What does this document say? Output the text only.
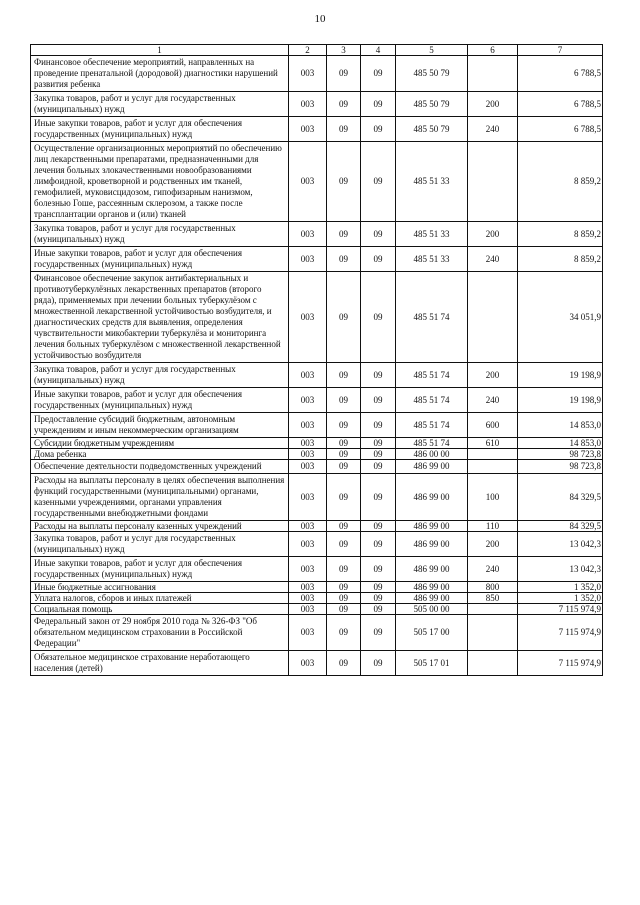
10
1	2	3	4	5	6	7
Финансовое обеспечение мероприятий, направленных на проведение пренатальной (дородовой) диагностики нарушений развития ребенка	003	09	09	485 50 79		6 788,5
Закупка товаров, работ и услуг для государственных (муниципальных) нужд	003	09	09	485 50 79	200	6 788,5
Иные закупки товаров, работ и услуг для обеспечения государственных (муниципальных) нужд	003	09	09	485 50 79	240	6 788,5
Осуществление организационных мероприятий по обеспечению лиц лекарственными препаратами, предназначенными для лечения больных злокачественными новообразованиями лимфоидной, кроветворной и родственных им тканей, гемофилией, муковисцидозом, гипофизарным нанизмом, болезнью Гоше, рассеянным склерозом, а также после трансплантации органов и (или) тканей	003	09	09	485 51 33		8 859,2
Закупка товаров, работ и услуг для государственных (муниципальных) нужд	003	09	09	485 51 33	200	8 859,2
Иные закупки товаров, работ и услуг для обеспечения государственных (муниципальных) нужд	003	09	09	485 51 33	240	8 859,2
Финансовое обеспечение закупок антибактериальных и противотуберкулёзных лекарственных препаратов (второго ряда), применяемых при лечении больных туберкулёзом с множественной лекарственной устойчивостью возбудителя, и диагностических средств для выявления, определения чувствительности микобактерии туберкулёза и мониторинга лечения больных туберкулёзом с множественной лекарственной устойчивостью возбудителя	003	09	09	485 51 74		34 051,9
Закупка товаров, работ и услуг для государственных (муниципальных) нужд	003	09	09	485 51 74	200	19 198,9
Иные закупки товаров, работ и услуг для обеспечения государственных (муниципальных) нужд	003	09	09	485 51 74	240	19 198,9
Предоставление субсидий бюджетным, автономным учреждениям и иным некоммерческим организациям	003	09	09	485 51 74	600	14 853,0
Субсидии бюджетным учреждениям	003	09	09	485 51 74	610	14 853,0
Дома ребенка	003	09	09	486 00 00		98 723,8
Обеспечение деятельности подведомственных учреждений	003	09	09	486 99 00		98 723,8
Расходы на выплаты персоналу в целях обеспечения выполнения функций государственными (муниципальными) органами, казенными учреждениями, органами управления государственными внебюджетными фондами	003	09	09	486 99 00	100	84 329,5
Расходы на выплаты персоналу казенных учреждений	003	09	09	486 99 00	110	84 329,5
Закупка товаров, работ и услуг для государственных (муниципальных) нужд	003	09	09	486 99 00	200	13 042,3
Иные закупки товаров, работ и услуг для обеспечения государственных (муниципальных) нужд	003	09	09	486 99 00	240	13 042,3
Иные бюджетные ассигнования	003	09	09	486 99 00	800	1 352,0
Уплата налогов, сборов и иных платежей	003	09	09	486 99 00	850	1 352,0
Социальная помощь	003	09	09	505 00 00		7 115 974,9
Федеральный закон от 29 ноября 2010 года № 326-ФЗ "Об обязательном медицинском страховании в Российской Федерации"	003	09	09	505 17 00		7 115 974,9
Обязательное медицинское страхование неработающего населения (детей)	003	09	09	505 17 01		7 115 974,9
